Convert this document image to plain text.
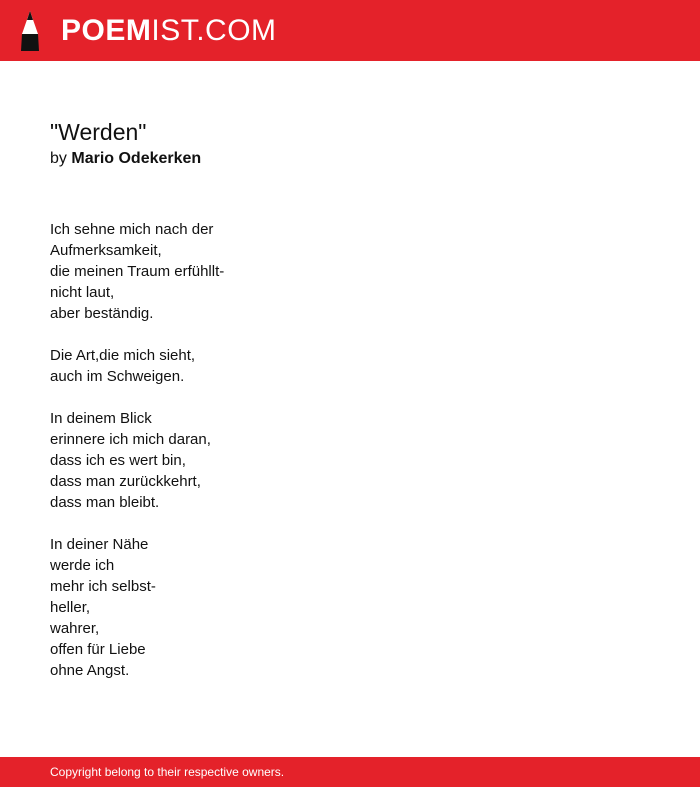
POEMIST.COM
"Werden"
by Mario Odekerken
Ich sehne mich nach der
Aufmerksamkeit,
die meinen Traum erfühllt-
nicht laut,
aber beständig.
Die Art,die mich sieht,
auch im Schweigen.
In deinem Blick
erinnere ich mich daran,
dass ich es wert bin,
dass man zurückkehrt,
dass man bleibt.
In deiner Nähe
werde ich
mehr ich selbst-
heller,
wahrer,
offen für Liebe
ohne Angst.
Copyright belong to their respective owners.
